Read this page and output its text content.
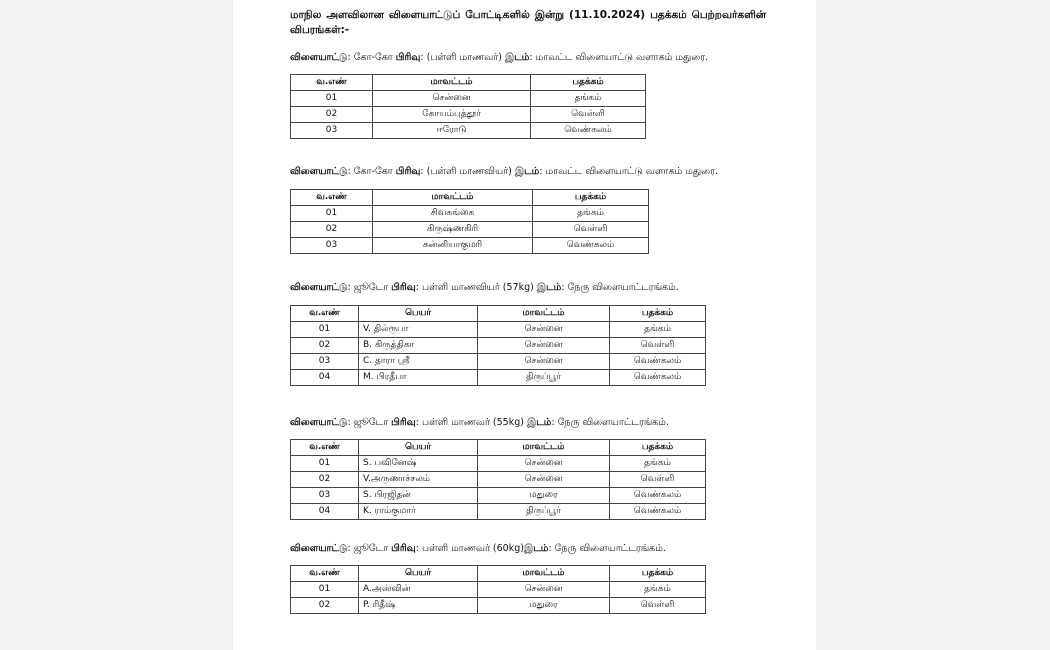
மாநில அளவிலான விளையாட்டுப் போட்டிகளில் இன்று (11.10.2024) பதக்கம் பெற்றவர்களின் விபரங்கள்:-

விளையாட்டு: கோ-கோ பிரிவு: (பள்ளி மாணவர்) இடம்: மாவட்ட விளையாட்டு வளாகம் மதுரை.

வ.எண்	மாவட்டம்	பதக்கம்
01	சென்னை	தங்கம்
02	கோயம்புத்தூர்	வெள்ளி
03	ஈரோடு	வெண்கலம்

விளையாட்டு: கோ-கோ பிரிவு: (பள்ளி மாணவியர்) இடம்: மாவட்ட விளையாட்டு வளாகம் மதுரை.

வ.எண்	மாவட்டம்	பதக்கம்
01	சிவகங்கை	தங்கம்
02	கிருஷ்ணகிரி	வெள்ளி
03	கன்னியாகுமரி	வெண்கலம்

விளையாட்டு: ஜூடோ பிரிவு: பள்ளி மாணவியர் (57kg) இடம்: நேரு விளையாட்டரங்கம்.

வ.எண்	பெயர்	மாவட்டம்	பதக்கம்
01	V. தில்ரூபா	சென்னை	தங்கம்
02	B. கிருத்திகா	சென்னை	வெள்ளி
03	C. தாரா ஸ்ரீ	சென்னை	வெண்கலம்
04	M. பிரதீபா	திருப்பூர்	வெண்கலம்

விளையாட்டு: ஜூடோ பிரிவு: பள்ளி மாணவர் (55kg) இடம்: நேரு விளையாட்டரங்கம்.

வ.எண்	பெயர்	மாவட்டம்	பதக்கம்
01	S. பவினேஷ்	சென்னை	தங்கம்
02	V.அருணாச்சலம்	சென்னை	வெள்ளி
03	S. பிரஜிதன்	மதுரை	வெண்கலம்
04	K. ராம்குமார்	திருப்பூர்	வெண்கலம்

விளையாட்டு: ஜூடோ பிரிவு: பள்ளி மாணவர் (60kg)இடம்: நேரு விளையாட்டரங்கம்.

வ.எண்	பெயர்	மாவட்டம்	பதக்கம்
01	A.அஸ்வின்	சென்னை	தங்கம்
02	P. ரிதீஷ்	மதுரை	வெள்ளி
